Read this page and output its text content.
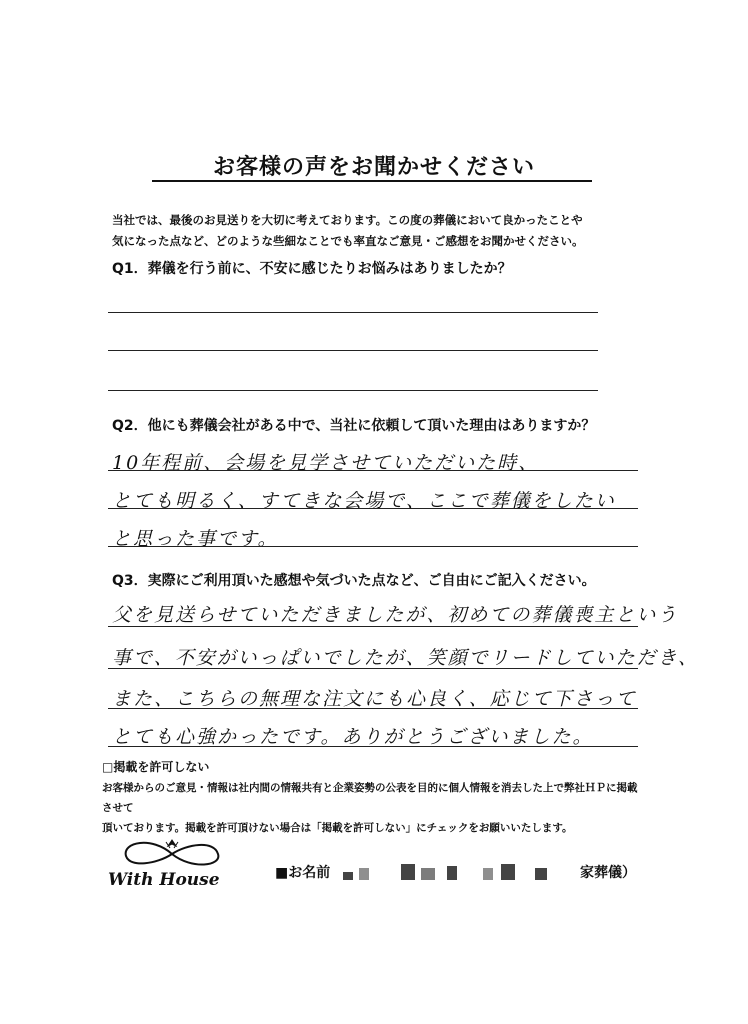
お客様の声をお聞かせください
当社では、最後のお見送りを大切に考えております。この度の葬儀において良かったことや
気になった点など、どのような些細なことでも率直なご意見・ご感想をお聞かせください。
Q1．葬儀を行う前に、不安に感じたりお悩みはありましたか？
Q2．他にも葬儀会社がある中で、当社に依頼して頂いた理由はありますか？
10年程前、会場を見学させていただいた時、
とても明るく、すてきな会場で、ここで葬儀をしたい
と思った事です。
Q3．実際にご利用頂いた感想や気づいた点など、ご自由にご記入ください。
父を見送らせていただきましたが、初めての葬儀喪主という
事で、不安がいっぱいでしたが、笑顔でリードしていただき、
また、こちらの無理な注文にも心良く、応じて下さって
とても心強かったです。ありがとうございました。
□掲載を許可しない
お客様からのご意見・情報は社内間の情報共有と企業姿勢の公表を目的に個人情報を消去した上で弊社ＨＰに掲載させて
頂いております。掲載を許可頂けない場合は「掲載を許可しない」にチェックをお願いいたします。
With House	■お名前	家葬儀）
